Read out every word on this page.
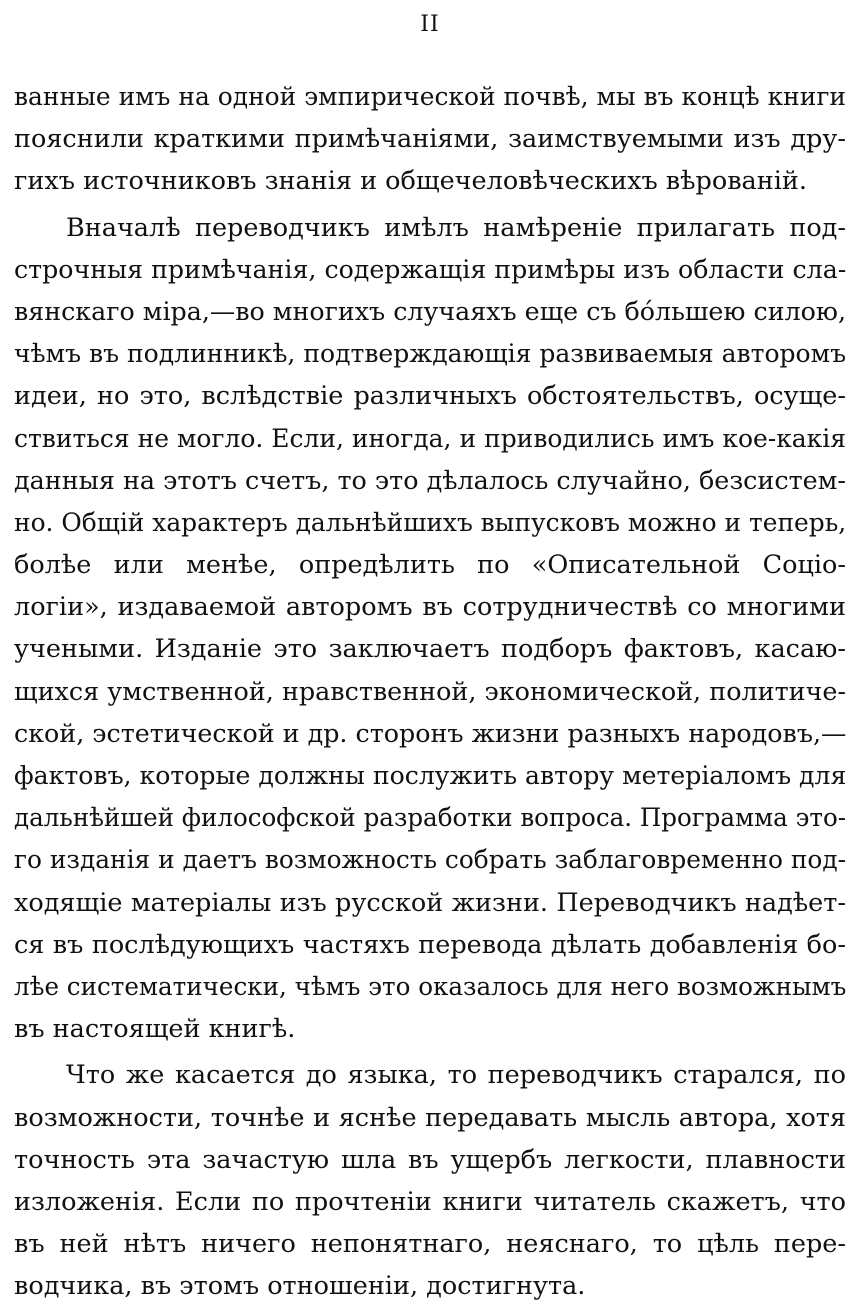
II
ванные имъ на одной эмпирической почвѣ, мы въ концѣ книги
пояснили краткими примѣчаніями, заимствуемыми изъ дру-
гихъ источниковъ знанія и общечеловѣческихъ вѣрованій.
Вначалѣ переводчикъ имѣлъ намѣреніе прилагать под-
строчныя примѣчанія, содержащія примѣры изъ области сла-
вянскаго міра,—во многихъ случаяхъ еще съ бо́льшею силою,
чѣмъ въ подлинникѣ, подтверждающія развиваемыя авторомъ
идеи, но это, вслѣдствіе различныхъ обстоятельствъ, осуще-
ствиться не могло. Если, иногда, и приводились имъ кое-какія
данныя на этотъ счетъ, то это дѣлалось случайно, безсистем-
но. Общій характеръ дальнѣйшихъ выпусковъ можно и теперь,
болѣе или менѣе, опредѣлить по «Описательной Соціо-
логіи», издаваемой авторомъ въ сотрудничествѣ со многими
учеными. Изданіе это заключаетъ подборъ фактовъ, касаю-
щихся умственной, нравственной, экономической, политиче-
ской, эстетической и др. сторонъ жизни разныхъ народовъ,—
фактовъ, которые должны послужить автору метеріаломъ для
дальнѣйшей философской разработки вопроса. Программа это-
го изданія и даетъ возможность собрать заблаговременно под-
ходящіе матеріалы изъ русской жизни. Переводчикъ надѣет-
ся въ послѣдующихъ частяхъ перевода дѣлать добавленія бо-
лѣе систематически, чѣмъ это оказалось для него возможнымъ
въ настоящей книгѣ.
Что же касается до языка, то переводчикъ старался, по
возможности, точнѣе и яснѣе передавать мысль автора, хотя
точность эта зачастую шла въ ущербъ легкости, плавности
изложенія. Если по прочтеніи книги читатель скажетъ, что
въ ней нѣтъ ничего непонятнаго, неяснаго, то цѣль пере-
водчика, въ этомъ отношеніи, достигнута.
